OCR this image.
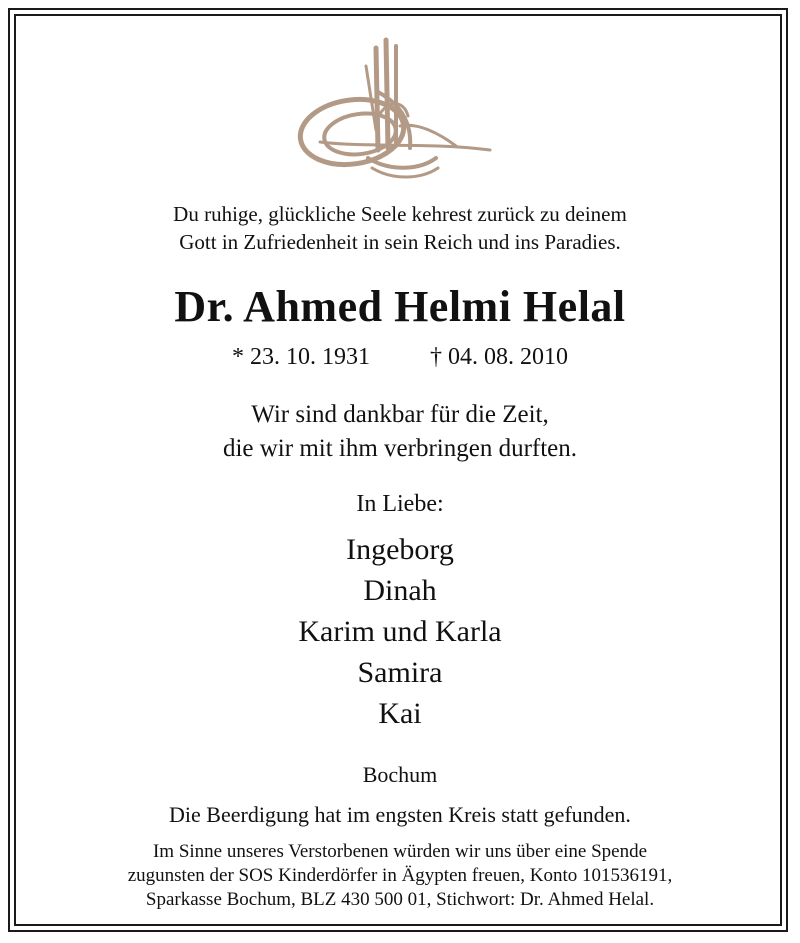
Du ruhige, glückliche Seele kehrest zurück zu deinem
Gott in Zufriedenheit in sein Reich und ins Paradies.
Dr. Ahmed Helmi Helal
* 23. 10. 1931	† 04. 08. 2010
Wir sind dankbar für die Zeit,
die wir mit ihm verbringen durften.
In Liebe:
Ingeborg
Dinah
Karim und Karla
Samira
Kai
Bochum
Die Beerdigung hat im engsten Kreis statt gefunden.
Im Sinne unseres Verstorbenen würden wir uns über eine Spende
zugunsten der SOS Kinderdörfer in Ägypten freuen, Konto 101536191,
Sparkasse Bochum, BLZ 430 500 01, Stichwort: Dr. Ahmed Helal.
